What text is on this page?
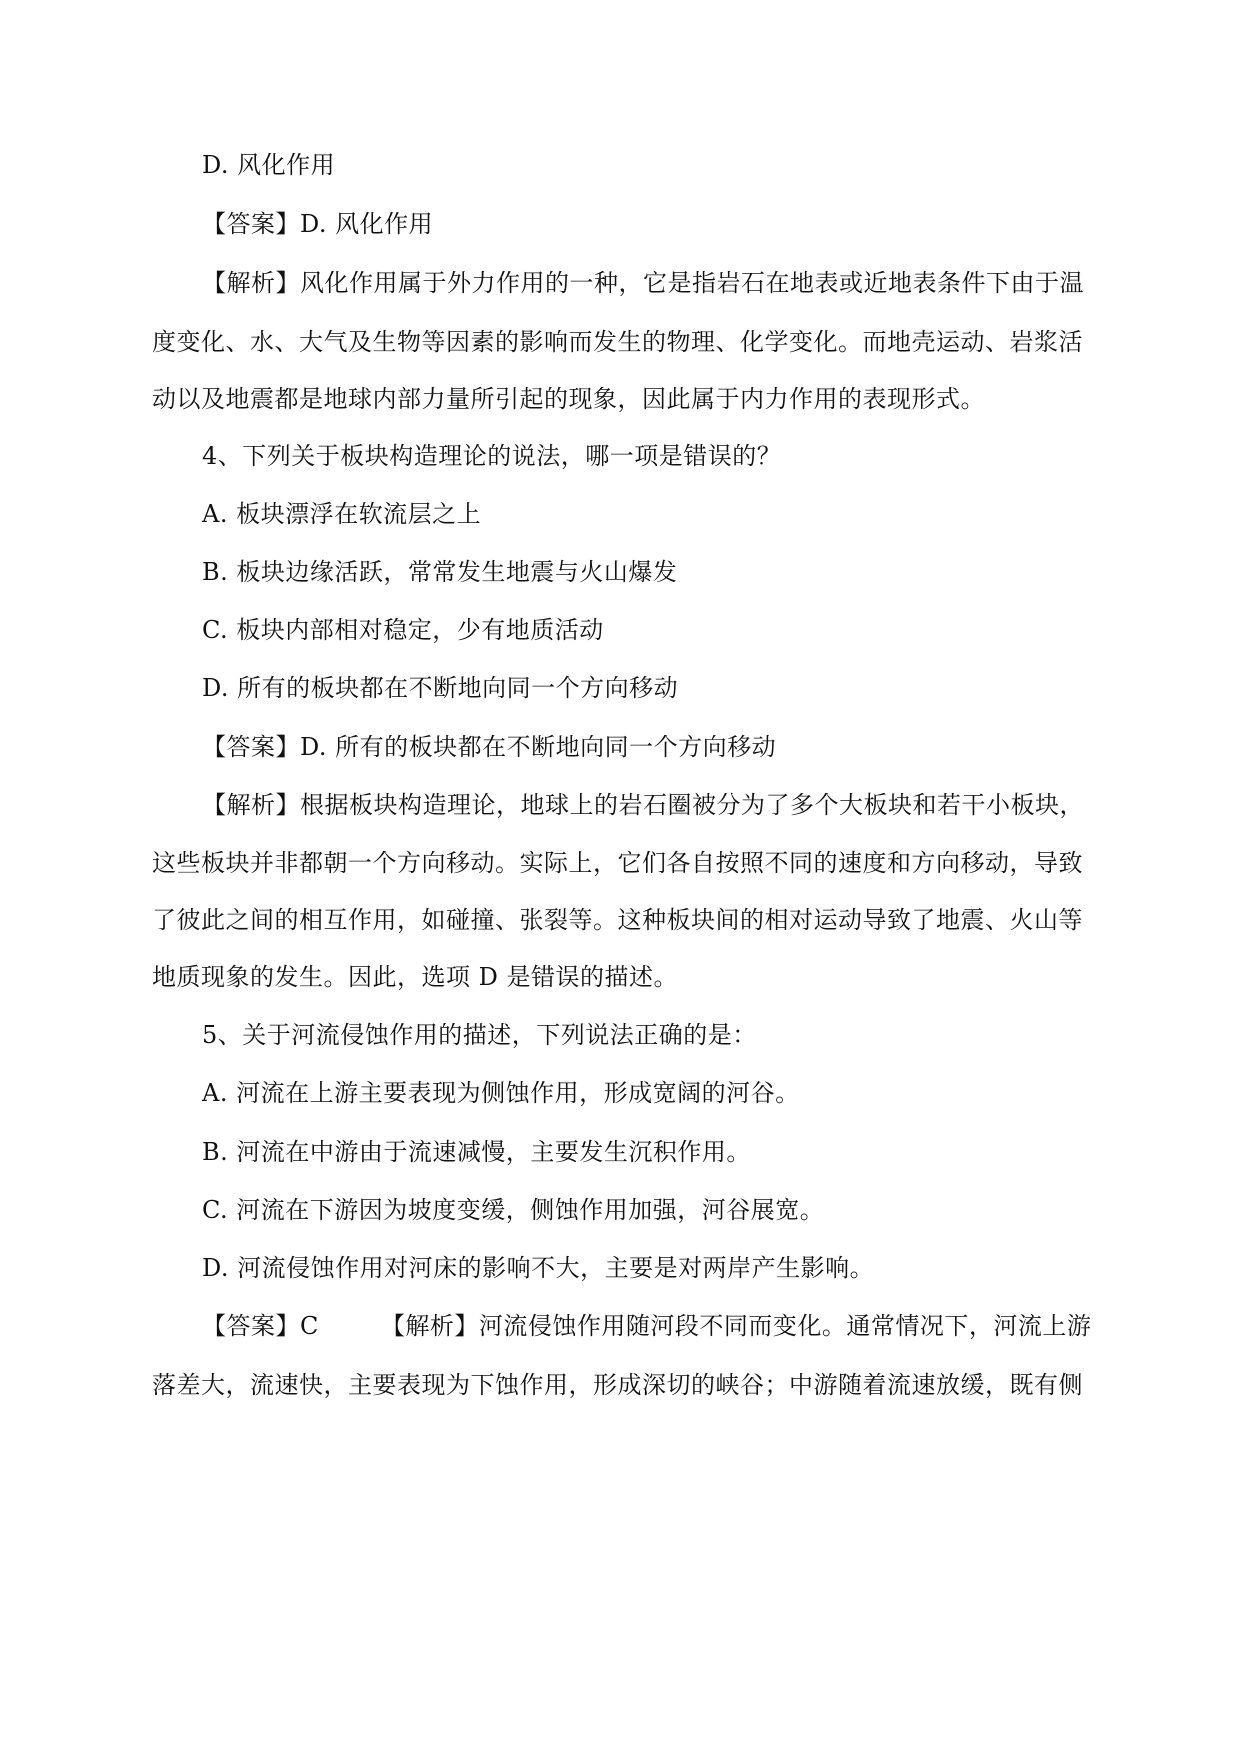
D. 风化作用
【答案】D. 风化作用
【解析】风化作用属于外力作用的一种，它是指岩石在地表或近地表条件下由于温
度变化、水、大气及生物等因素的影响而发生的物理、化学变化。而地壳运动、岩浆活
动以及地震都是地球内部力量所引起的现象，因此属于内力作用的表现形式。
4、下列关于板块构造理论的说法，哪一项是错误的？
A. 板块漂浮在软流层之上
B. 板块边缘活跃，常常发生地震与火山爆发
C. 板块内部相对稳定，少有地质活动
D. 所有的板块都在不断地向同一个方向移动
【答案】D. 所有的板块都在不断地向同一个方向移动
【解析】根据板块构造理论，地球上的岩石圈被分为了多个大板块和若干小板块，
这些板块并非都朝一个方向移动。实际上，它们各自按照不同的速度和方向移动，导致
了彼此之间的相互作用，如碰撞、张裂等。这种板块间的相对运动导致了地震、火山等
地质现象的发生。因此，选项 D 是错误的描述。
5、关于河流侵蚀作用的描述，下列说法正确的是：
A. 河流在上游主要表现为侧蚀作用，形成宽阔的河谷。
B. 河流在中游由于流速减慢，主要发生沉积作用。
C. 河流在下游因为坡度变缓，侧蚀作用加强，河谷展宽。
D. 河流侵蚀作用对河床的影响不大，主要是对两岸产生影响。
【答案】C	【解析】河流侵蚀作用随河段不同而变化。通常情况下，河流上游
落差大，流速快，主要表现为下蚀作用，形成深切的峡谷；中游随着流速放缓，既有侧
